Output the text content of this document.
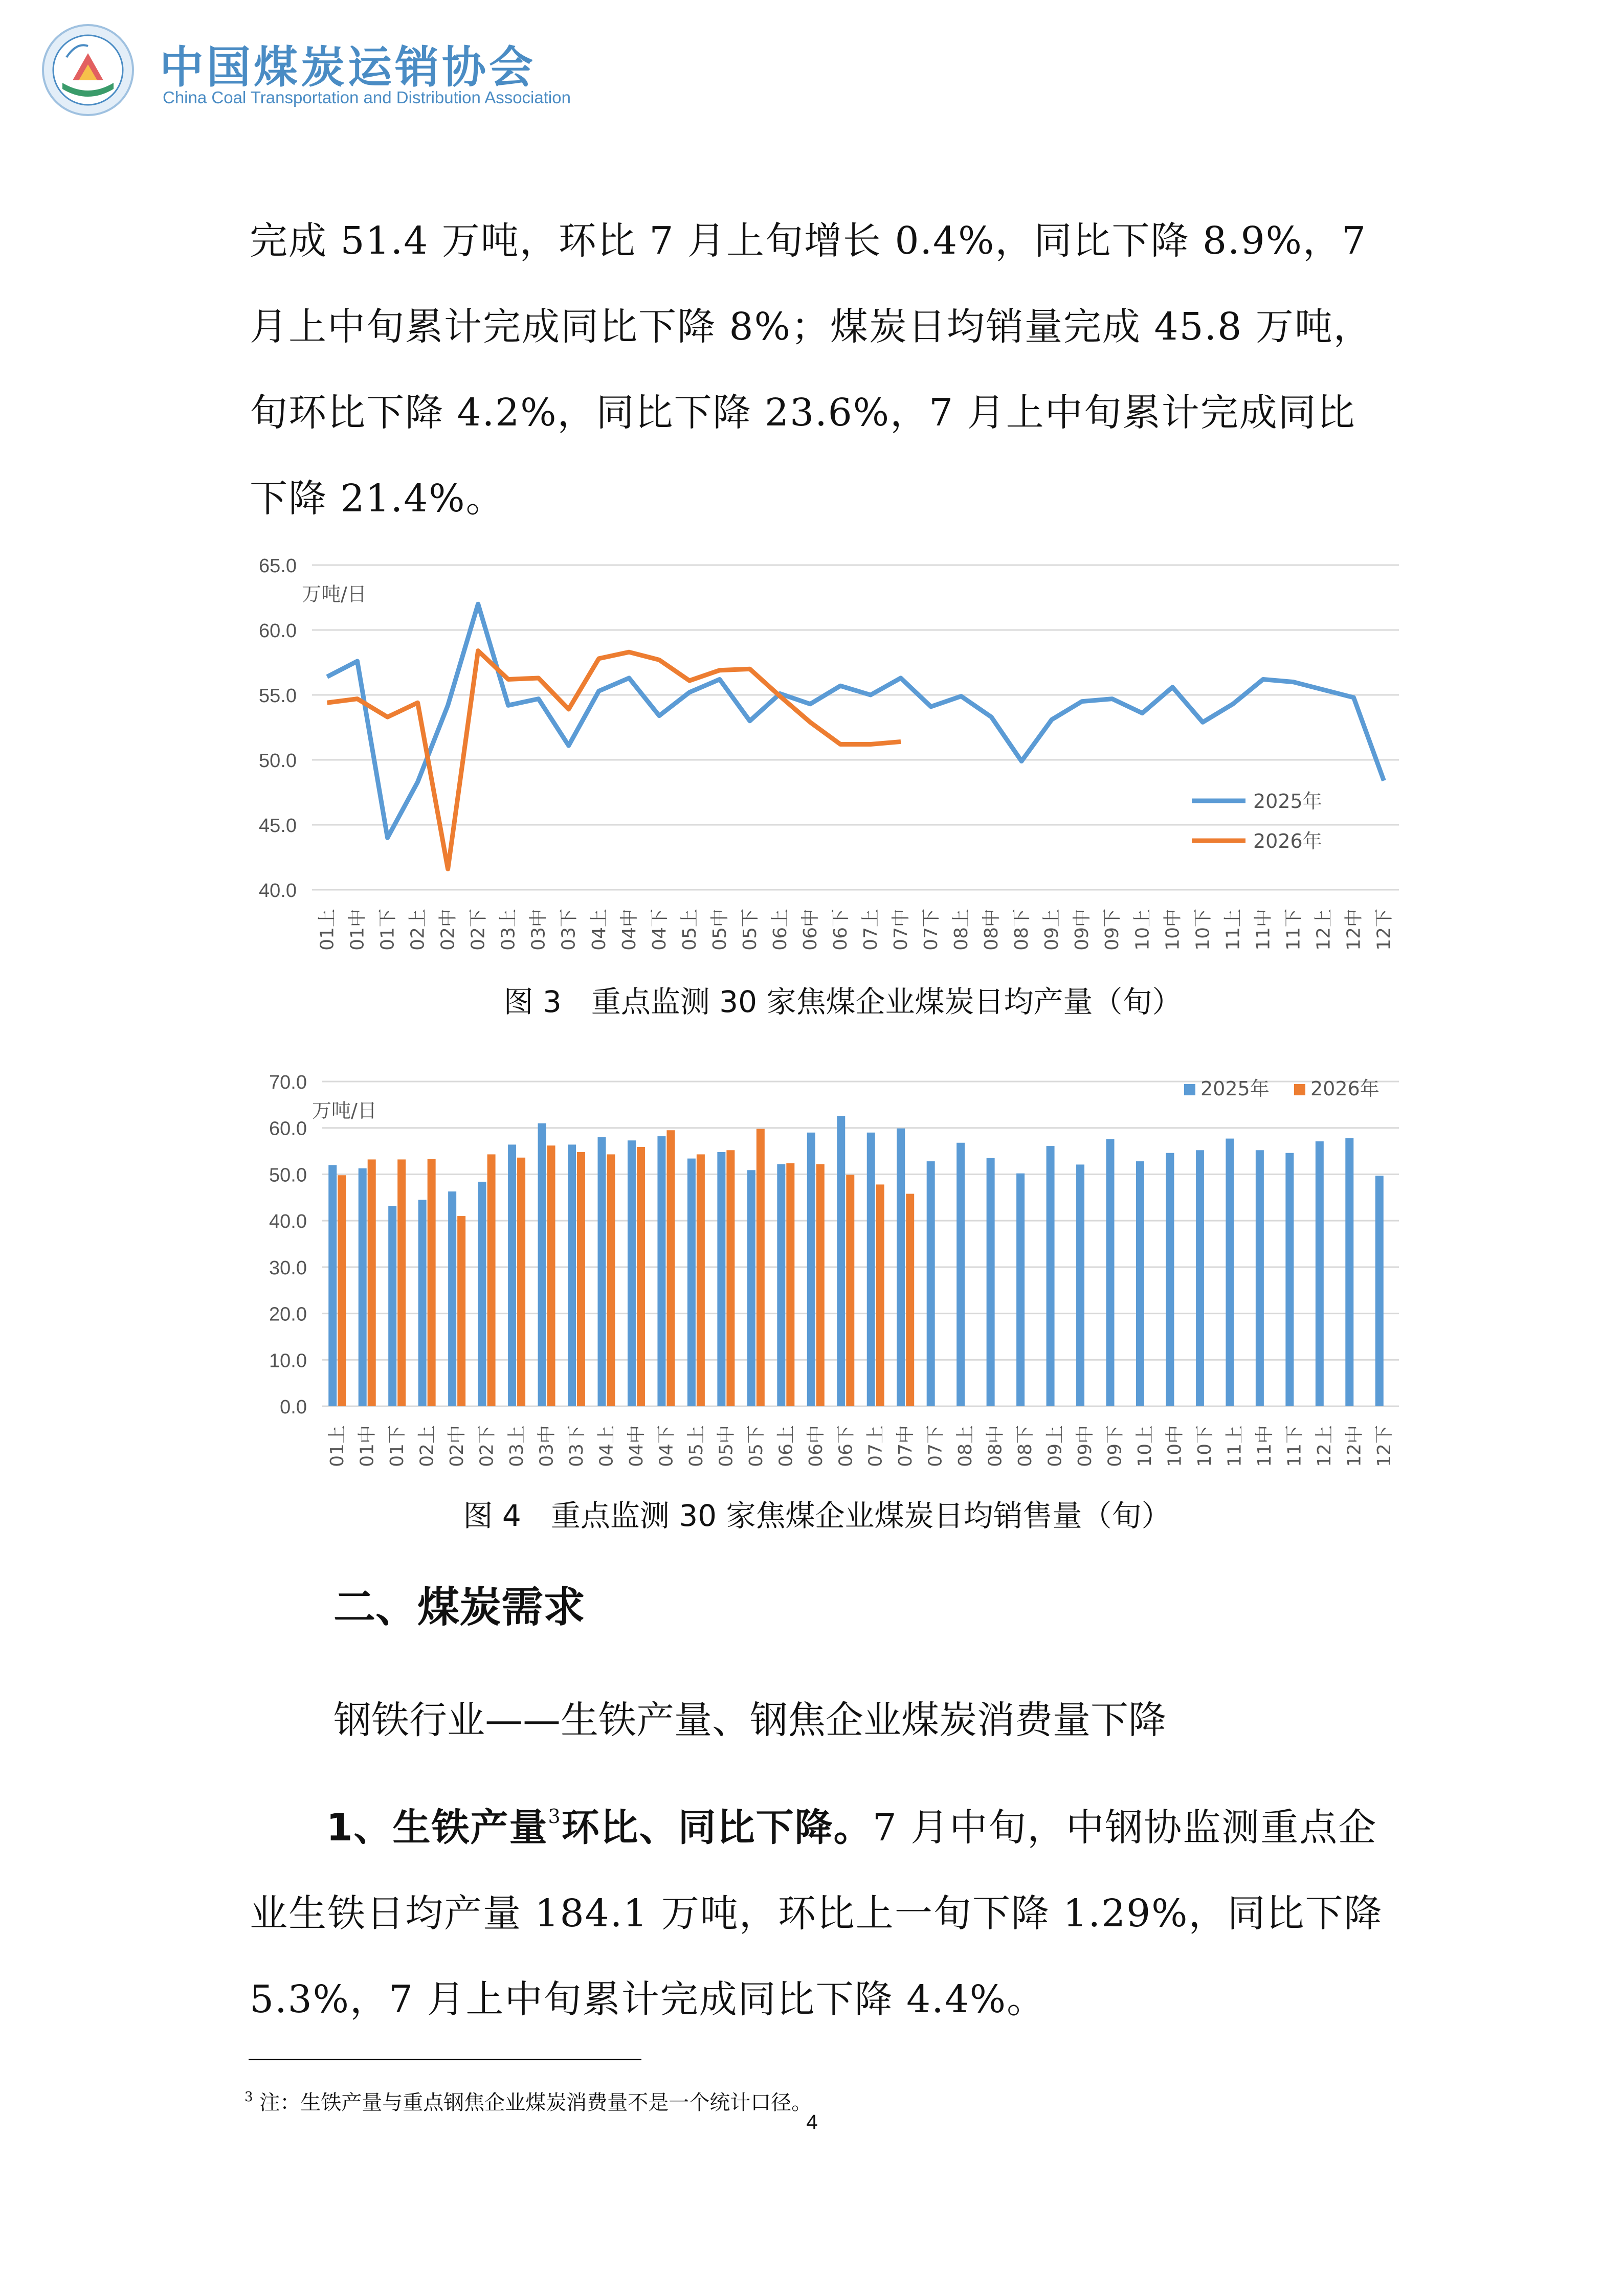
中国煤炭运销协会
China Coal Transportation and Distribution Association
完成 51.4 万吨，环比 7 月上旬增长 0.4%，同比下降 8.9%，7 月上中旬累计完成同比下降 8%；煤炭日均销量完成 45.8 万吨，旬环比下降 4.2%，同比下降 23.6%，7 月上中旬累计完成同比下降 21.4%。
65.0
60.0
55.0
50.0
45.0
40.0
万吨/日
01上 01中 01下 02上 02中 02下 03上 03中 03下 04上 04中 04下 05上 05中 05下 06上 06中 06下 07上 07中 07下 08上 08中 08下 09上 09中 09下 10上 10中 10下 11上 11中 11下 12上 12中 12下
2025年
2026年
图 3　重点监测 30 家焦煤企业煤炭日均产量（旬）
70.0
60.0
50.0
40.0
30.0
20.0
10.0
0.0
万吨/日
01上 01中 01下 02上 02中 02下 03上 03中 03下 04上 04中 04下 05上 05中 05下 06上 06中 06下 07上 07中 07下 08上 08中 08下 09上 09中 09下 10上 10中 10下 11上 11中 11下 12上 12中 12下
2025年 2026年
图 4　重点监测 30 家焦煤企业煤炭日均销售量（旬）
二、煤炭需求
钢铁行业——生铁产量、钢焦企业煤炭消费量下降
1、生铁产量$^3$环比、同比下降。7 月中旬，中钢协监测重点企业生铁日均产量 184.1 万吨，环比上一旬下降 1.29%，同比下降 5.3%，7 月上中旬累计完成同比下降 4.4%。
$^3$ 注：生铁产量与重点钢焦企业煤炭消费量不是一个统计口径。
4
